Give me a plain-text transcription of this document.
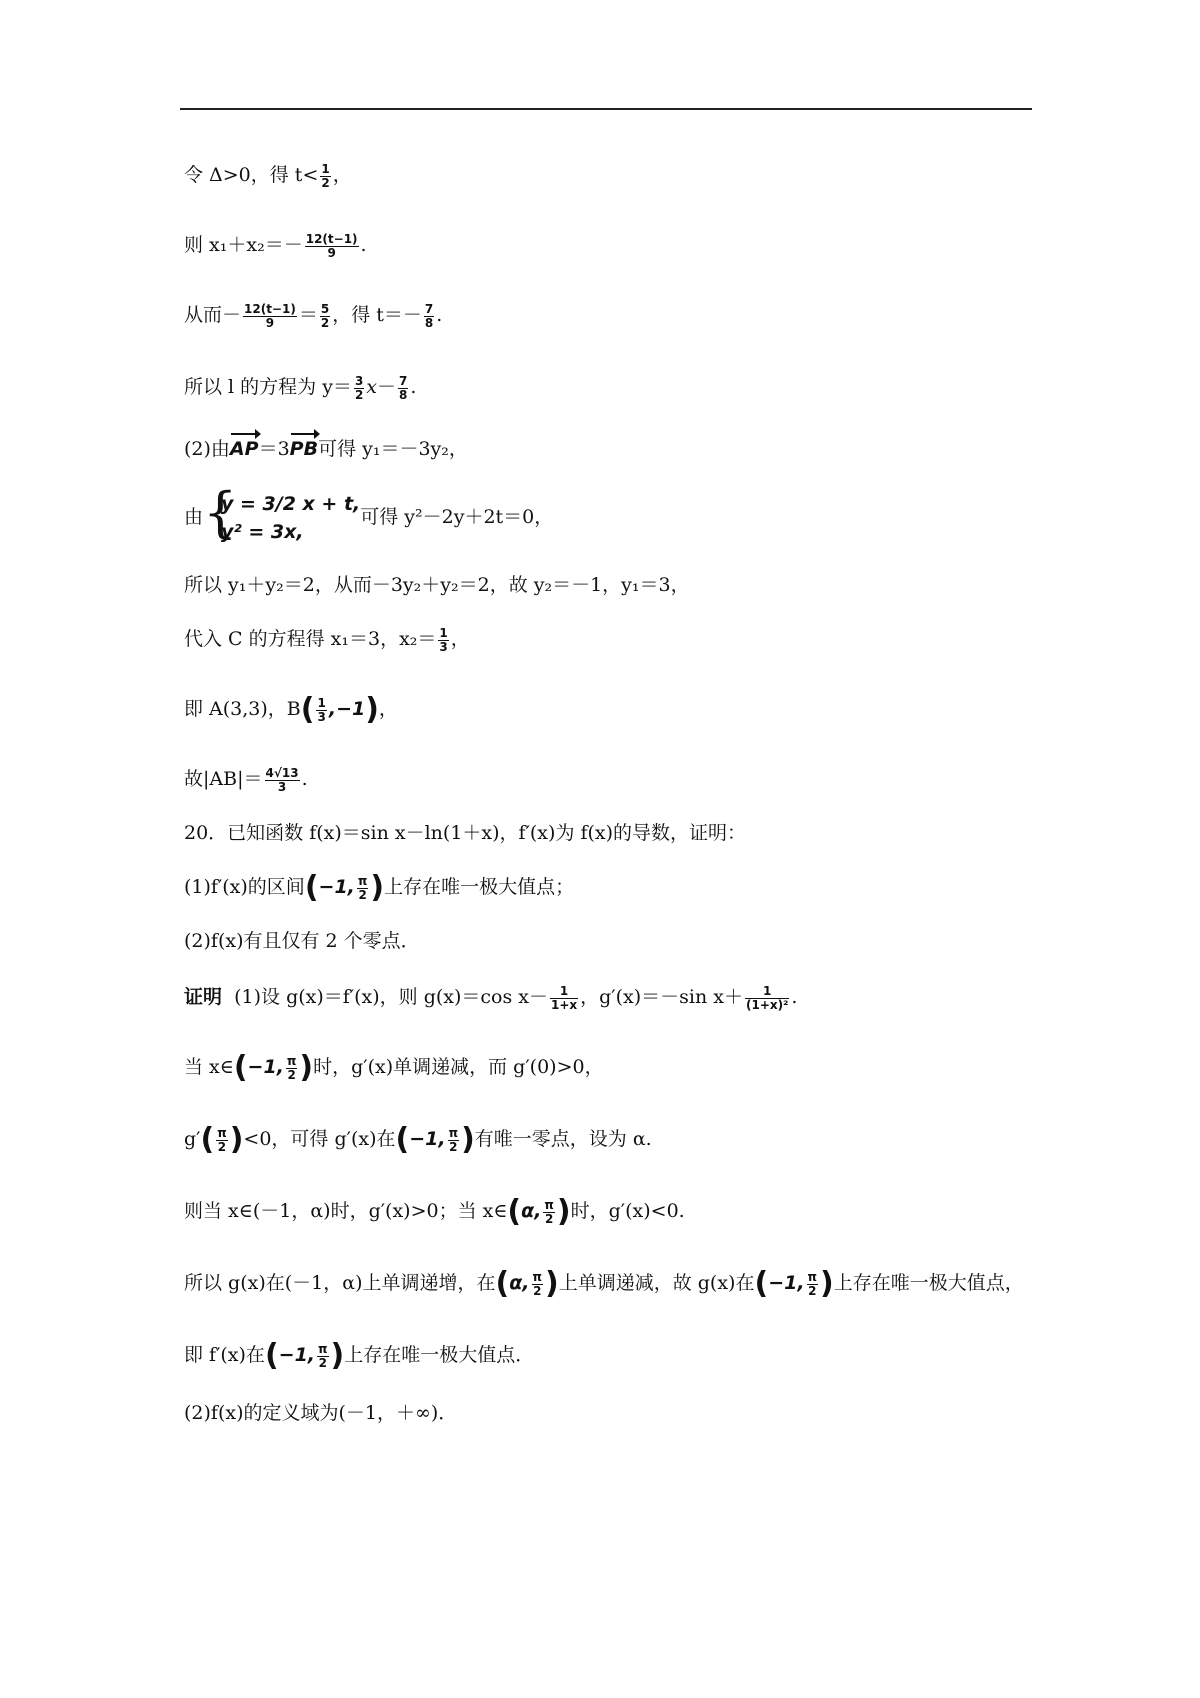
令 Δ>0，得 $t< \frac{1}{2}$ ，
则 $x_1+x_2=- \frac{12(t-1)}{9}$ .
从而－ $\frac{12(t-1)}{9} = \frac{5}{2}$ ，得 $t=- \frac{7}{8}$ .
所以 l 的方程为 $y= \frac{3}{2} x- \frac{7}{8}$ .
(2)由AP＝3PB可得 y₁＝－3y₂，
由 {
y = 3/2 x + t,
y² = 3x,
可得 y²－2y＋2t＝0，
所以 y₁＋y₂＝2，从而－3y₂＋y₂＝2，故 y₂＝－1，y₁＝3，
代入 C 的方程得 x₁＝3，$x_2= \frac{1}{3}$ ，
即 A(3,3)，$B( \frac{1}{3} ,-1)$，
故$|AB|= \frac{4√13}{3}$ .
20．已知函数 f(x)＝sin x－ln(1＋x)，f′(x)为 f(x)的导数，证明：
(1)f′(x)的区间(−1, $\frac{\pi}{2}$ )上存在唯一极大值点；
(2)f(x)有且仅有 2 个零点．
证明 (1)设 g(x)＝f′(x)，则 g(x)＝cos $x- \frac{1}{1+x}$ ，g′(x)＝－sin $x+ \frac{1}{\text{(1+x)²}}$ .
当 x∈(−1, $\frac{\pi}{2}$ )时，g′(x)单调递减，而 g′(0)>0，
$g'( \frac{\pi}{2} )<0$，可得 g′(x)在(−1, $\frac{\pi}{2}$ )有唯一零点，设为 α.
则当 x∈(－1，α)时，g′(x)>0；当 x∈(α, $\frac{\pi}{2}$ )时，g′(x)<0.
所以 g(x)在(－1，α)上单调递增，在(α, $\frac{\pi}{2}$ )上单调递减，故 g(x)在(−1, $\frac{\pi}{2}$ )上存在唯一极大值点，
即 f′(x)在(−1, $\frac{\pi}{2}$ )上存在唯一极大值点．
(2)f(x)的定义域为(－1，＋∞)．
